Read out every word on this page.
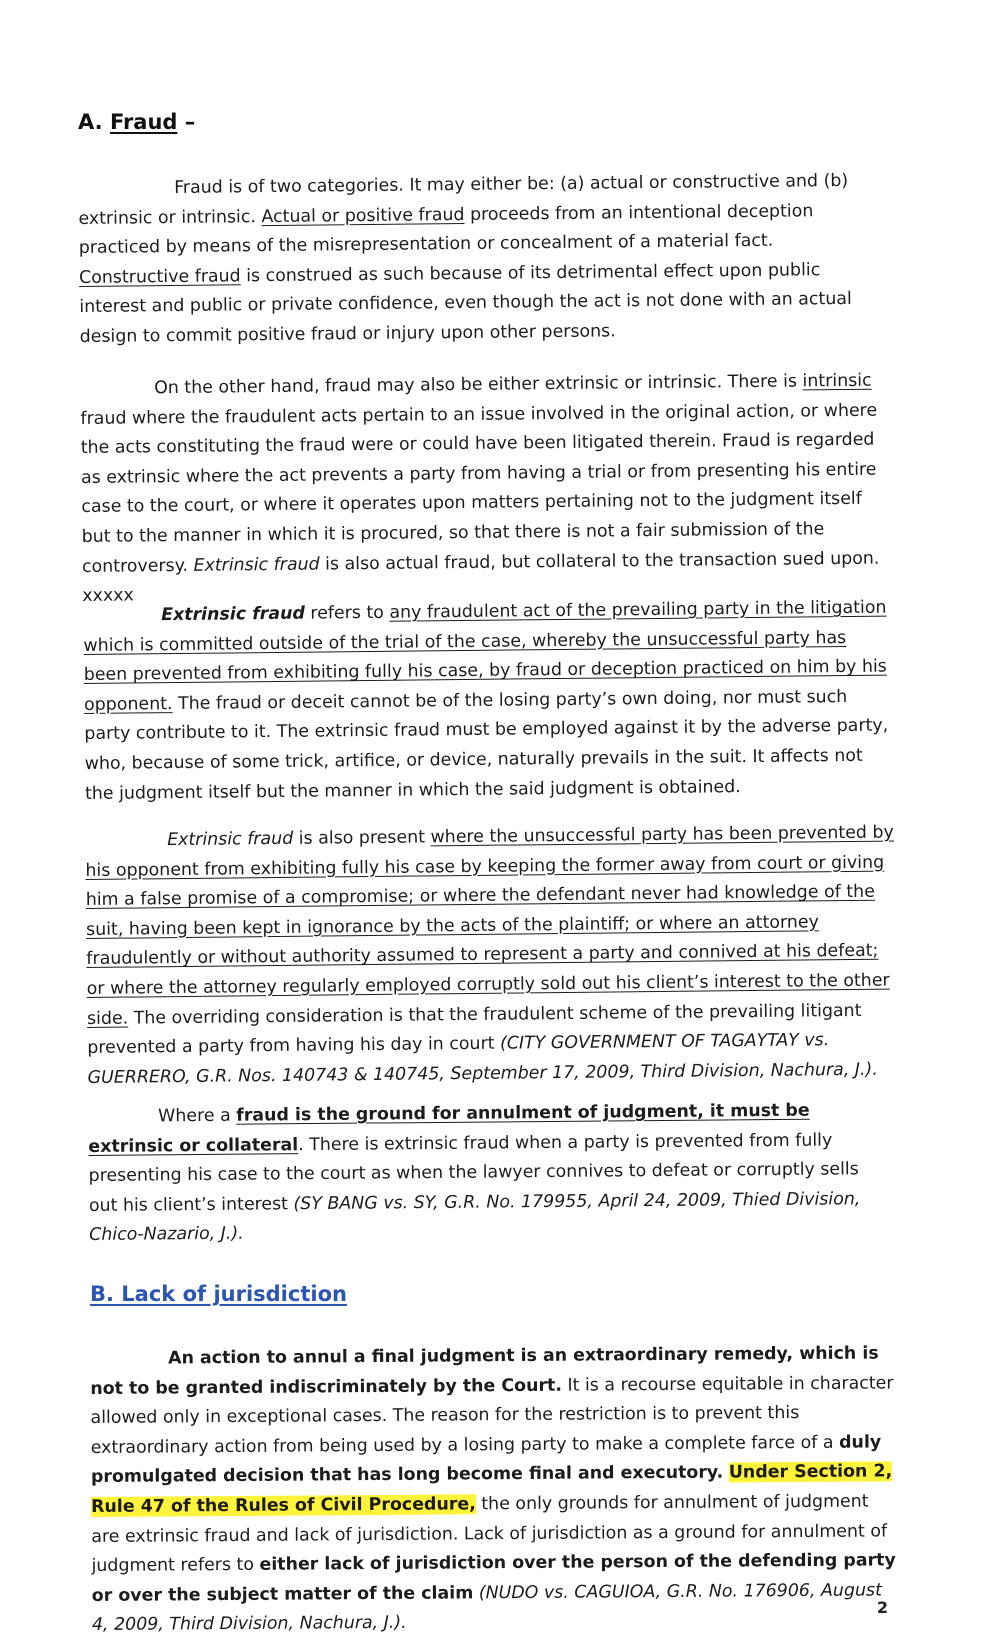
A. Fraud –

Fraud is of two categories. It may either be: (a) actual or constructive and (b) extrinsic or intrinsic. Actual or positive fraud proceeds from an intentional deception practiced by means of the misrepresentation or concealment of a material fact. Constructive fraud is construed as such because of its detrimental effect upon public interest and public or private confidence, even though the act is not done with an actual design to commit positive fraud or injury upon other persons.

On the other hand, fraud may also be either extrinsic or intrinsic. There is intrinsic fraud where the fraudulent acts pertain to an issue involved in the original action, or where the acts constituting the fraud were or could have been litigated therein. Fraud is regarded as extrinsic where the act prevents a party from having a trial or from presenting his entire case to the court, or where it operates upon matters pertaining not to the judgment itself but to the manner in which it is procured, so that there is not a fair submission of the controversy. Extrinsic fraud is also actual fraud, but collateral to the transaction sued upon. xxxxx

Extrinsic fraud refers to any fraudulent act of the prevailing party in the litigation which is committed outside of the trial of the case, whereby the unsuccessful party has been prevented from exhibiting fully his case, by fraud or deception practiced on him by his opponent. The fraud or deceit cannot be of the losing party’s own doing, nor must such party contribute to it. The extrinsic fraud must be employed against it by the adverse party, who, because of some trick, artifice, or device, naturally prevails in the suit. It affects not the judgment itself but the manner in which the said judgment is obtained.

Extrinsic fraud is also present where the unsuccessful party has been prevented by his opponent from exhibiting fully his case by keeping the former away from court or giving him a false promise of a compromise; or where the defendant never had knowledge of the suit, having been kept in ignorance by the acts of the plaintiff; or where an attorney fraudulently or without authority assumed to represent a party and connived at his defeat; or where the attorney regularly employed corruptly sold out his client’s interest to the other side. The overriding consideration is that the fraudulent scheme of the prevailing litigant prevented a party from having his day in court (CITY GOVERNMENT OF TAGAYTAY vs. GUERRERO, G.R. Nos. 140743 & 140745, September 17, 2009, Third Division, Nachura, J.).

Where a fraud is the ground for annulment of judgment, it must be extrinsic or collateral. There is extrinsic fraud when a party is prevented from fully presenting his case to the court as when the lawyer connives to defeat or corruptly sells out his client’s interest (SY BANG vs. SY, G.R. No. 179955, April 24, 2009, Thied Division, Chico-Nazario, J.).

B. Lack of jurisdiction

An action to annul a final judgment is an extraordinary remedy, which is not to be granted indiscriminately by the Court. It is a recourse equitable in character allowed only in exceptional cases. The reason for the restriction is to prevent this extraordinary action from being used by a losing party to make a complete farce of a duly promulgated decision that has long become final and executory. Under Section 2, Rule 47 of the Rules of Civil Procedure, the only grounds for annulment of judgment are extrinsic fraud and lack of jurisdiction. Lack of jurisdiction as a ground for annulment of judgment refers to either lack of jurisdiction over the person of the defending party or over the subject matter of the claim (NUDO vs. CAGUIOA, G.R. No. 176906, August 4, 2009, Third Division, Nachura, J.).

2
